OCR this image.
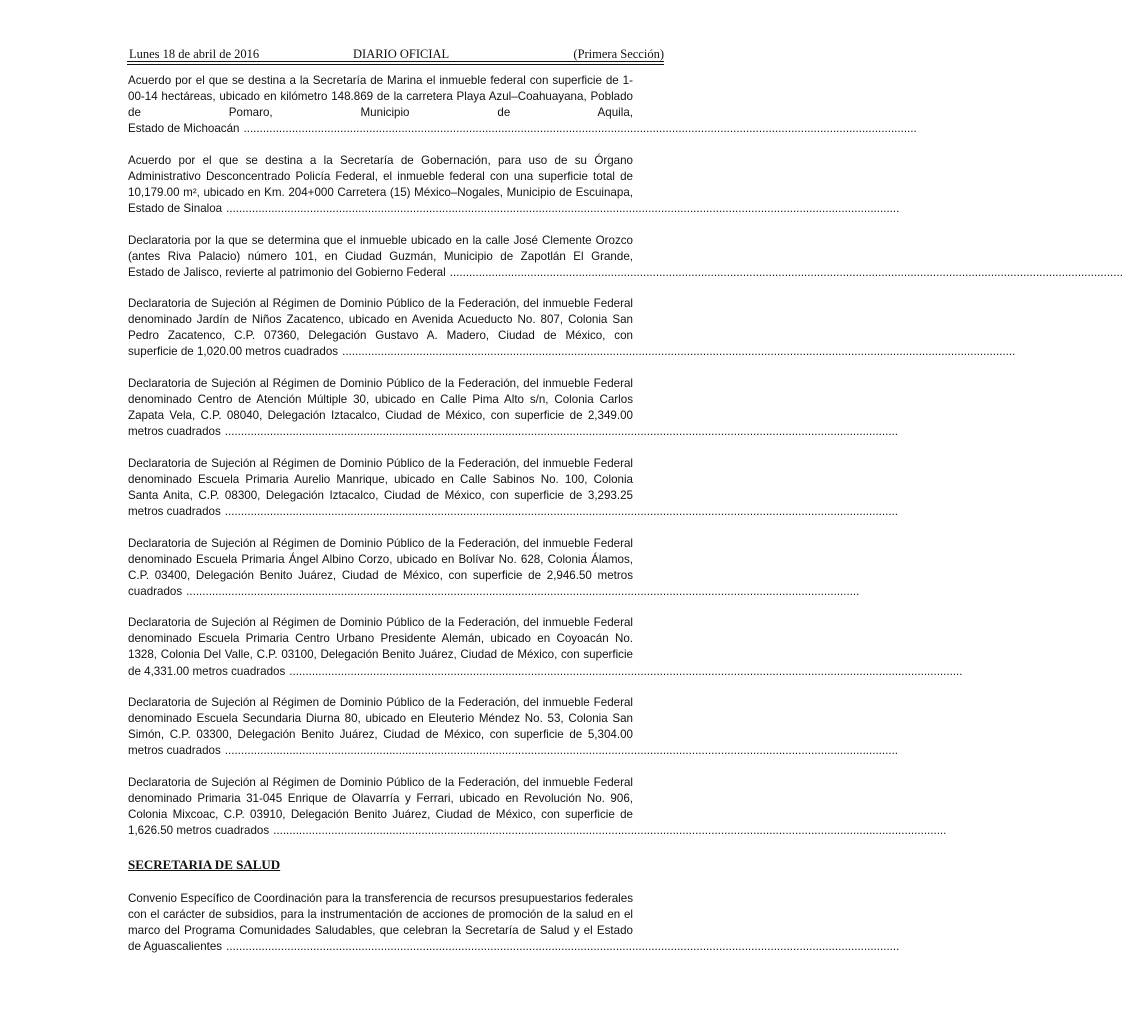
Lunes 18 de abril de 2016	DIARIO OFICIAL	(Primera Sección)
Acuerdo por el que se destina a la Secretaría de Marina el inmueble federal con superficie de 1-00-14 hectáreas, ubicado en kilómetro 148.869 de la carretera Playa Azul–Coahuayana, Poblado de Pomaro, Municipio de Aquila,
Estado de Michoacán .................................................................................................................................................................................................................
Acuerdo por el que se destina a la Secretaría de Gobernación, para uso de su Órgano Administrativo Desconcentrado Policía Federal, el inmueble federal con una superficie total de 10,179.00 m², ubicado en Km. 204+000 Carretera (15) México–Nogales, Municipio de Escuinapa,
Estado de Sinaloa .................................................................................................................................................................................................................
Declaratoria por la que se determina que el inmueble ubicado en la calle José Clemente Orozco (antes Riva Palacio) número 101, en Ciudad Guzmán, Municipio de Zapotlán El Grande,
Estado de Jalisco, revierte al patrimonio del Gobierno Federal .................................................................................................................................................................................................................
Declaratoria de Sujeción al Régimen de Dominio Público de la Federación, del inmueble Federal denominado Jardín de Niños Zacatenco, ubicado en Avenida Acueducto No. 807, Colonia San Pedro Zacatenco, C.P. 07360, Delegación Gustavo A. Madero, Ciudad de México, con
superficie de 1,020.00 metros cuadrados .................................................................................................................................................................................................................
Declaratoria de Sujeción al Régimen de Dominio Público de la Federación, del inmueble Federal denominado Centro de Atención Múltiple 30, ubicado en Calle Pima Alto s/n, Colonia Carlos Zapata Vela, C.P. 08040, Delegación Iztacalco, Ciudad de México, con superficie de 2,349.00
metros cuadrados .................................................................................................................................................................................................................
Declaratoria de Sujeción al Régimen de Dominio Público de la Federación, del inmueble Federal denominado Escuela Primaria Aurelio Manrique, ubicado en Calle Sabinos No. 100, Colonia Santa Anita, C.P. 08300, Delegación Iztacalco, Ciudad de México, con superficie de 3,293.25
metros cuadrados .................................................................................................................................................................................................................
Declaratoria de Sujeción al Régimen de Dominio Público de la Federación, del inmueble Federal denominado Escuela Primaria Ángel Albino Corzo, ubicado en Bolívar No. 628, Colonia Álamos, C.P. 03400, Delegación Benito Juárez, Ciudad de México, con superficie de 2,946.50 metros
cuadrados .................................................................................................................................................................................................................
Declaratoria de Sujeción al Régimen de Dominio Público de la Federación, del inmueble Federal denominado Escuela Primaria Centro Urbano Presidente Alemán, ubicado en Coyoacán No. 1328, Colonia Del Valle, C.P. 03100, Delegación Benito Juárez, Ciudad de México, con superficie
de 4,331.00 metros cuadrados .................................................................................................................................................................................................................
Declaratoria de Sujeción al Régimen de Dominio Público de la Federación, del inmueble Federal denominado Escuela Secundaria Diurna 80, ubicado en Eleuterio Méndez No. 53, Colonia San Simón, C.P. 03300, Delegación Benito Juárez, Ciudad de México, con superficie de 5,304.00
metros cuadrados .................................................................................................................................................................................................................
Declaratoria de Sujeción al Régimen de Dominio Público de la Federación, del inmueble Federal denominado Primaria 31-045 Enrique de Olavarría y Ferrari, ubicado en Revolución No. 906, Colonia Mixcoac, C.P. 03910, Delegación Benito Juárez, Ciudad de México, con superficie de
1,626.50 metros cuadrados .................................................................................................................................................................................................................
SECRETARIA DE SALUD
Convenio Específico de Coordinación para la transferencia de recursos presupuestarios federales con el carácter de subsidios, para la instrumentación de acciones de promoción de la salud en el marco del Programa Comunidades Saludables, que celebran la Secretaría de Salud y el Estado
de Aguascalientes .................................................................................................................................................................................................................
